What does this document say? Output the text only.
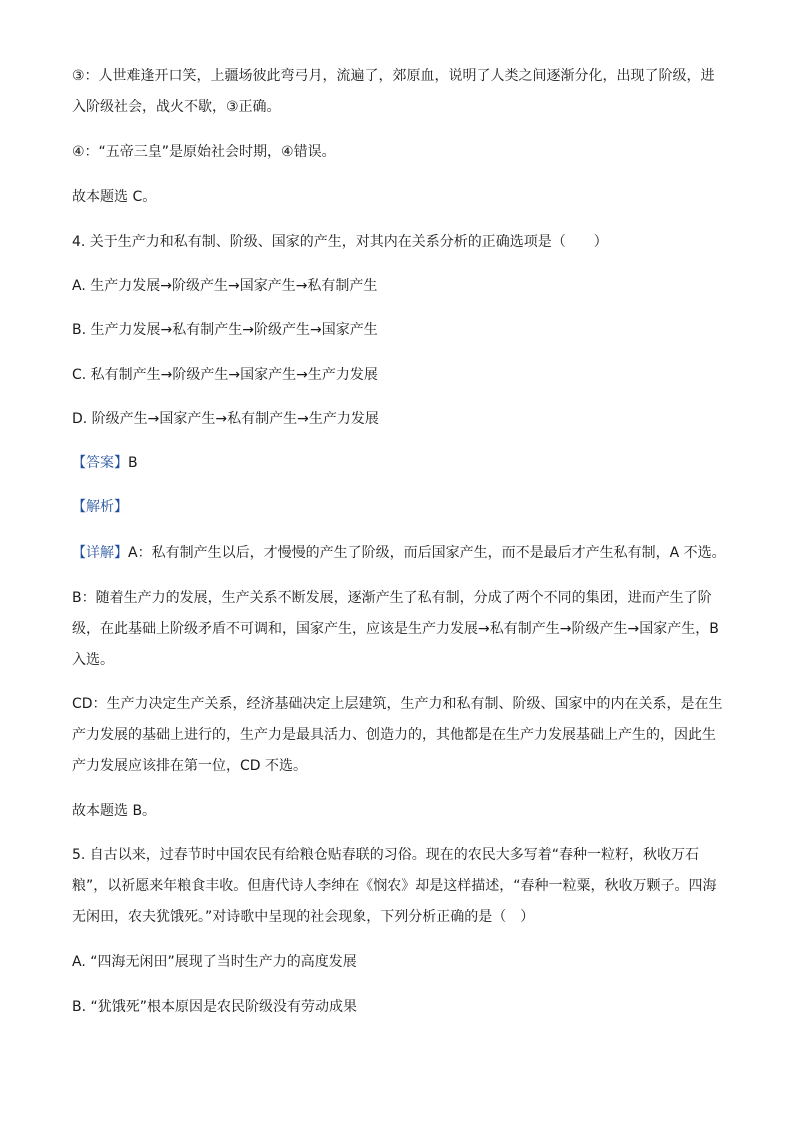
③：人世难逢开口笑，上疆场彼此弯弓月，流遍了，郊原血，说明了人类之间逐渐分化，出现了阶级，进入阶级社会，战火不歇，③正确。

④：“五帝三皇”是原始社会时期，④错误。

故本题选 C。

4. 关于生产力和私有制、阶级、国家的产生，对其内在关系分析的正确选项是（　　）

A. 生产力发展→阶级产生→国家产生→私有制产生

B. 生产力发展→私有制产生→阶级产生→国家产生

C. 私有制产生→阶级产生→国家产生→生产力发展

D. 阶级产生→国家产生→私有制产生→生产力发展

【答案】B

【解析】

【详解】A：私有制产生以后，才慢慢的产生了阶级，而后国家产生，而不是最后才产生私有制，A 不选。

B：随着生产力的发展，生产关系不断发展，逐渐产生了私有制，分成了两个不同的集团，进而产生了阶级，在此基础上阶级矛盾不可调和，国家产生，应该是生产力发展→私有制产生→阶级产生→国家产生，B 入选。

CD：生产力决定生产关系，经济基础决定上层建筑，生产力和私有制、阶级、国家中的内在关系，是在生产力发展的基础上进行的，生产力是最具活力、创造力的，其他都是在生产力发展基础上产生的，因此生产力发展应该排在第一位，CD 不选。

故本题选 B。

5. 自古以来，过春节时中国农民有给粮仓贴春联的习俗。现在的农民大多写着“春种一粒籽，秋收万石粮”，以祈愿来年粮食丰收。但唐代诗人李绅在《悯农》却是这样描述，“春种一粒粟，秋收万颗子。四海无闲田，农夫犹饿死。”对诗歌中呈现的社会现象，下列分析正确的是（　）

A. “四海无闲田”展现了当时生产力的高度发展

B. “犹饿死”根本原因是农民阶级没有劳动成果
